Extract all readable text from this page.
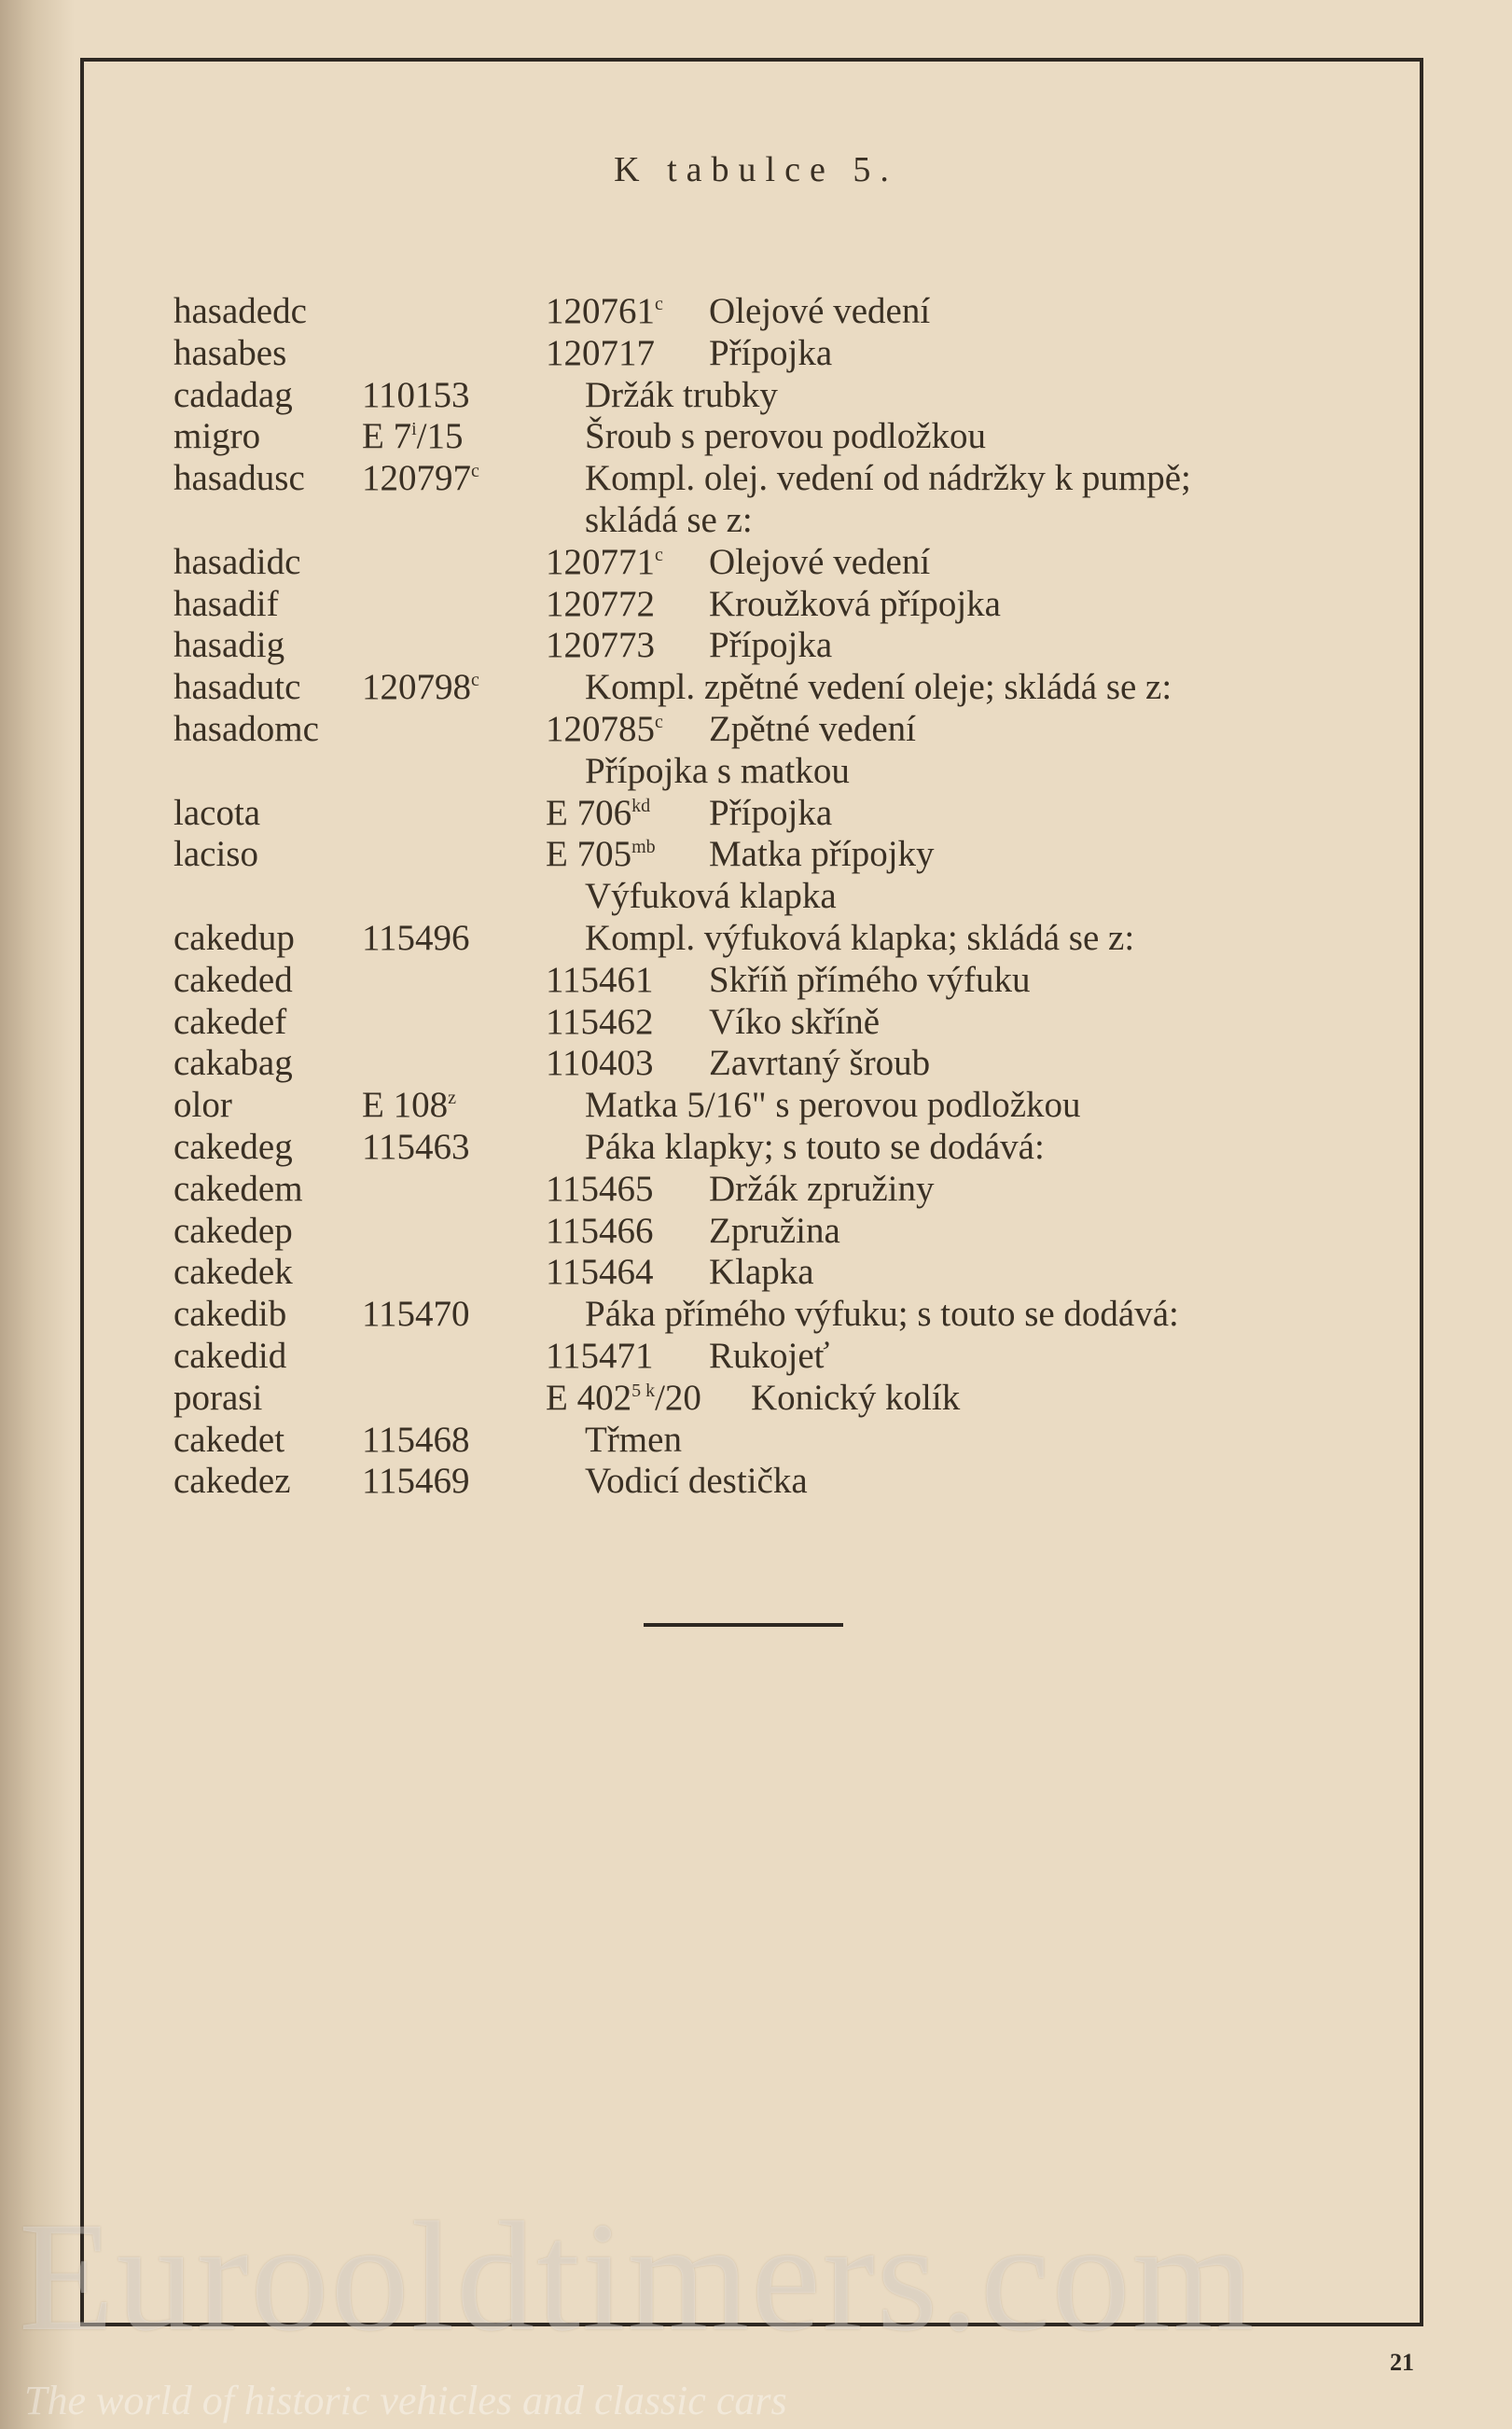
K tabulce 5.
hasadedc	120761$^c$ Olejové vedení
hasabes	120717 Přípojka
cadadag 110153	Držák trubky
migro	E 7$^i$/15	Šroub s perovou podložkou
hasadusc 120797$^c$	Kompl. olej. vedení od nádržky k pumpě;
skládá se z:
hasadidc	120771$^c$ Olejové vedení
hasadif	120772 Kroužková přípojka
hasadig	120773 Přípojka
hasadutc 120798$^c$	Kompl. zpětné vedení oleje; skládá se z:
hasadomc	120785$^c$ Zpětné vedení
Přípojka s matkou
lacota	E $706^{kd}$ Přípojka
laciso	E $705^{mb}$ Matka přípojky
Výfuková klapka
cakedup 115496	Kompl. výfuková klapka; skládá se z:
cakeded	115461 Skříň přímého výfuku
cakedef	115462 Víko skříně
cakabag	110403 Zavrtaný šroub
olor	E 108$^z$	Matka 5/16" s perovou podložkou
cakedeg 115463	Páka klapky; s touto se dodává:
cakedem	115465 Držák zpružiny
cakedep	115466 Zpružina
cakedek	115464 Klapka
cakedib 115470	Páka přímého výfuku; s touto se dodává:
cakedid	115471 Rukojeť
porasi	E $402^{5 k}/20$ Konický kolík
cakedet 115468	Třmen
cakedez 115469	Vodicí destička
Eurooldtimers.com
The world of historic vehicles and classic cars
21
